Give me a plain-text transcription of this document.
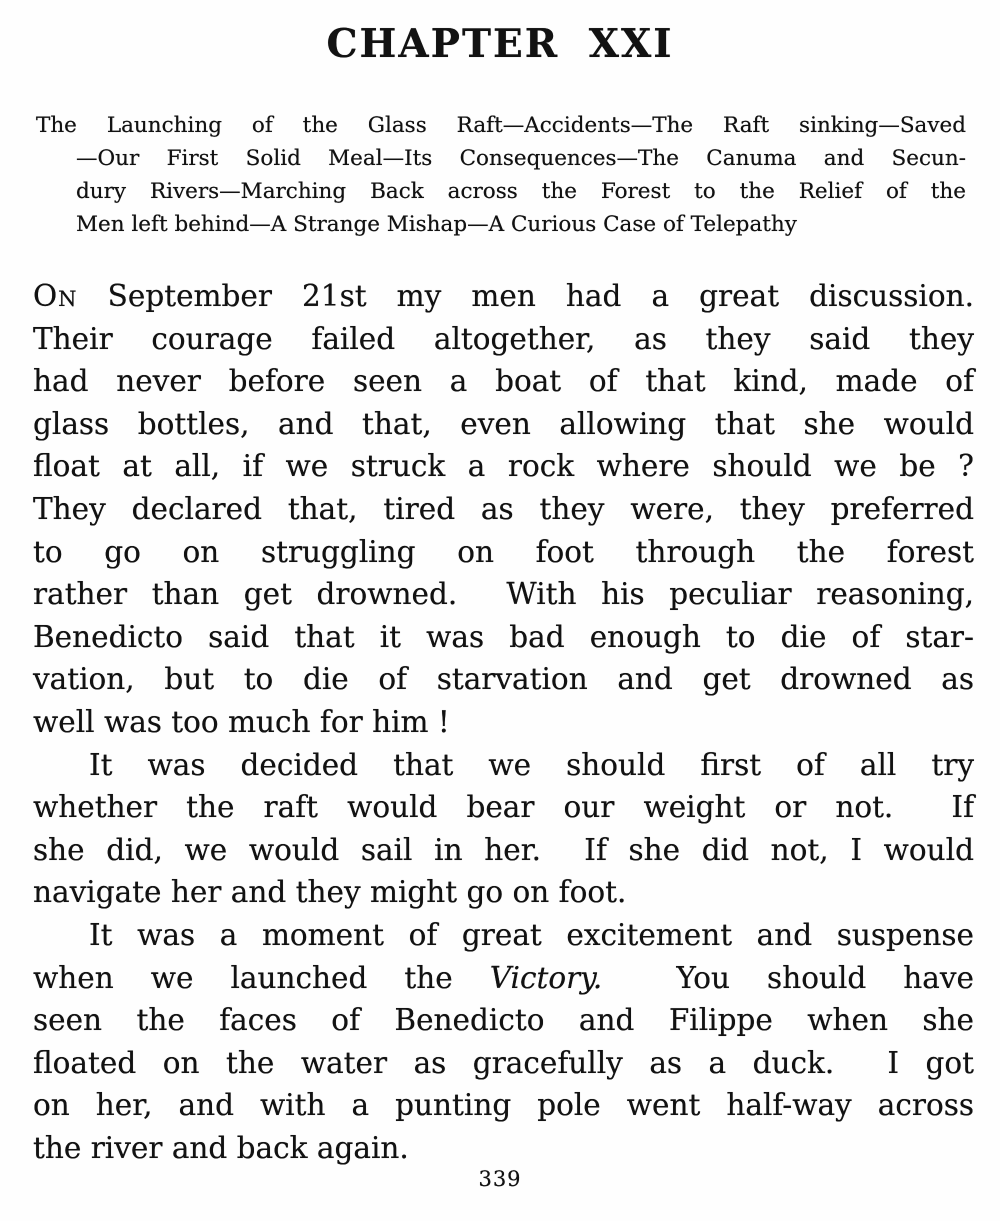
CHAPTER XXI
The Launching of the Glass Raft—Accidents—The Raft sinking—Saved
—Our First Solid Meal—Its Consequences—The Canuma and Secun-
dury Rivers—Marching Back across the Forest to the Relief of the
Men left behind—A Strange Mishap—A Curious Case of Telepathy
On September 21st my men had a great discussion.
Their courage failed altogether, as they said they
had never before seen a boat of that kind, made of
glass bottles, and that, even allowing that she would
float at all, if we struck a rock where should we be ?
They declared that, tired as they were, they preferred
to go on struggling on foot through the forest
rather than get drowned.  With his peculiar reasoning,
Benedicto said that it was bad enough to die of star-
vation, but to die of starvation and get drowned as
well was too much for him !
It was decided that we should first of all try
whether the raft would bear our weight or not.  If
she did, we would sail in her.  If she did not, I would
navigate her and they might go on foot.
It was a moment of great excitement and suspense
when we launched the Victory.  You should have
seen the faces of Benedicto and Filippe when she
floated on the water as gracefully as a duck.  I got
on her, and with a punting pole went half-way across
the river and back again.
339
